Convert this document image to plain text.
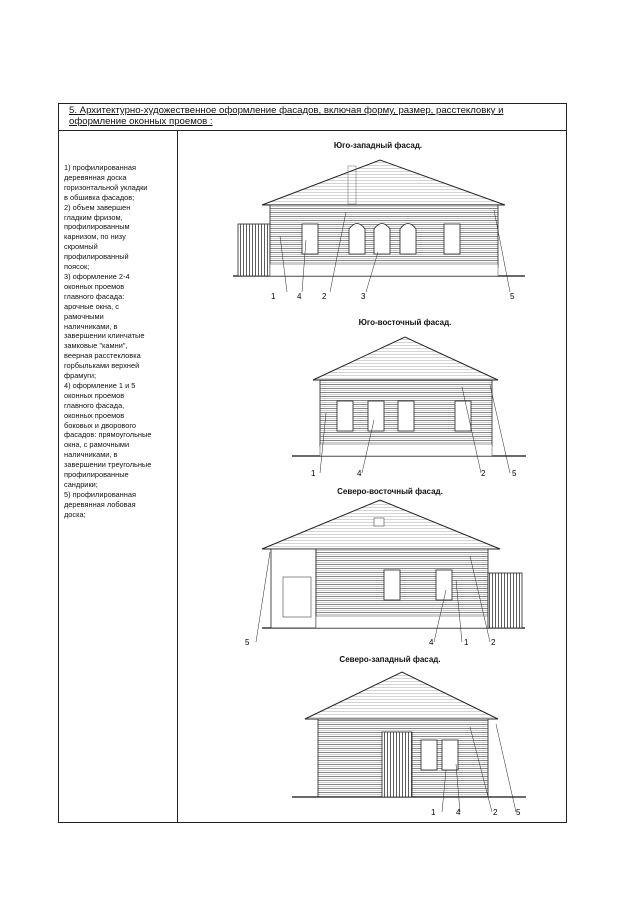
5. Архитектурно-художественное оформление фасадов, включая форму, размер, расстекловку и оформление оконных проемов :
1) профилированная
деревянная доска
горизонтальной укладки
в обшивка фасадов;
2) объем завершен
гладким фризом,
профилированным
карнизом, по низу
скромный
профилированный
поясок;
3) оформление 2-4
оконных проемов
главного фасада:
арочные окна, с
рамочными
наличниками, в
завершении клинчатые
замковые "камни",
веерная расстекловка
горбыльками верхней
фрамуги;
4) оформление 1 и 5
оконных проемов
главного фасада,
оконных проемов
боковых и дворового
фасадов: прямоугольные
окна, с рамочными
наличниками, в
завершении треугольные
профилированные
сандрики;
5) профилированная
деревянная лобовая
доска;
Юго-западный фасад.
Юго-восточный фасад.
Северо-восточный фасад.
Северо-западный фасад.
1	4	2	3	5
1	4	2	5
5	4	1	2
1	4	2 5
